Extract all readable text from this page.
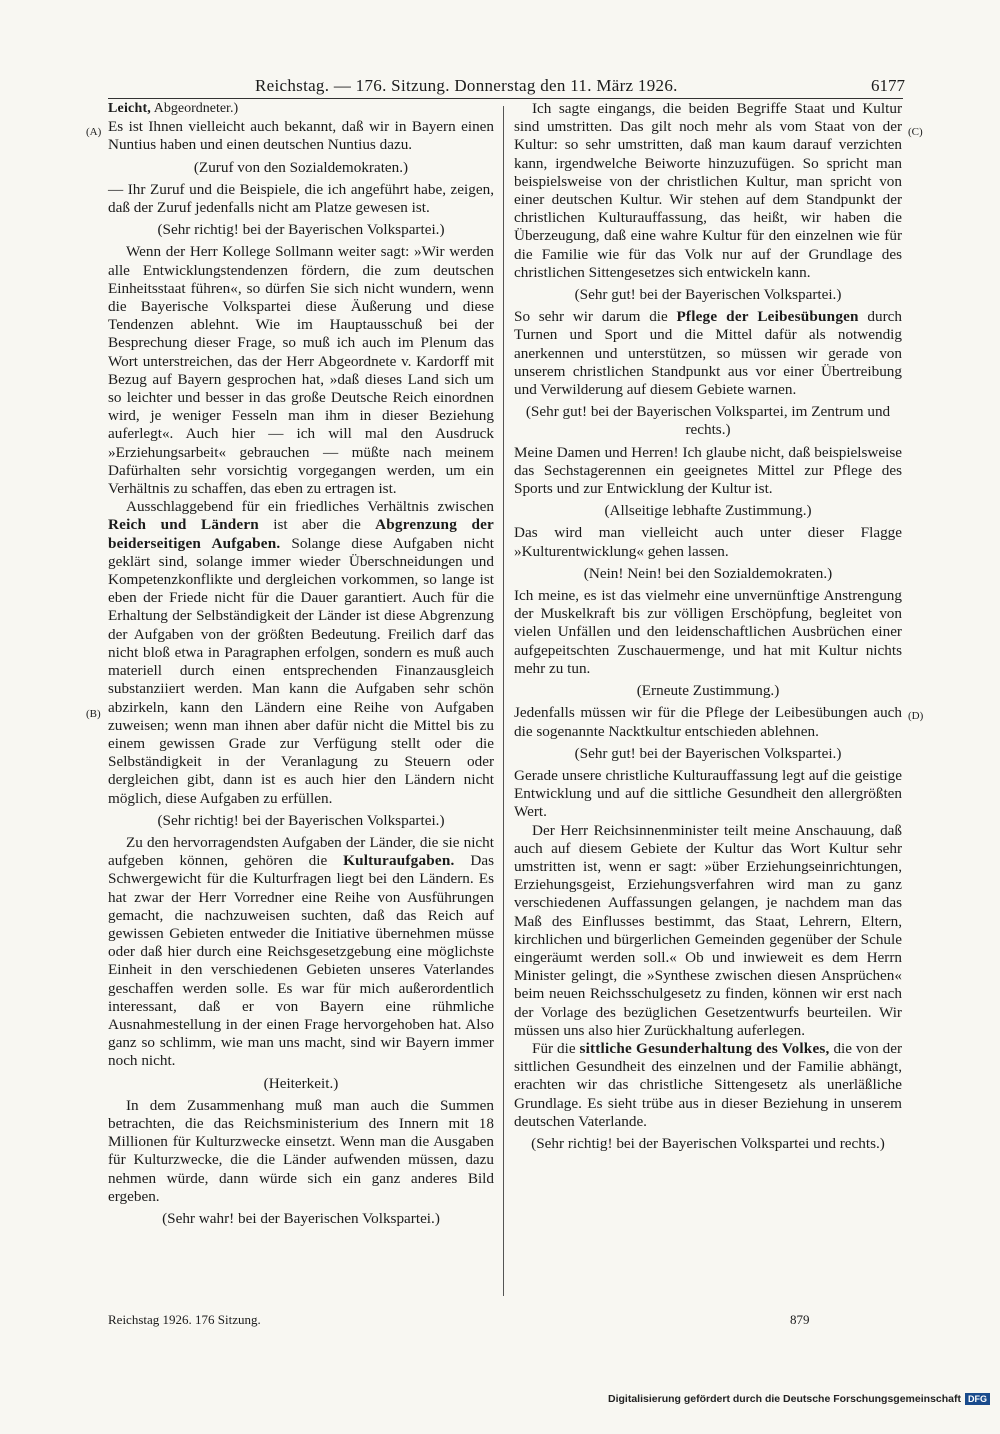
Reichstag. — 176. Sitzung. Donnerstag den 11. März 1926.	6177
(A)
(B)
(C)
(D)

Leicht, Abgeordneter.)

Es ist Ihnen vielleicht auch bekannt, daß wir in Bayern einen Nuntius haben und einen deutschen Nuntius dazu.

(Zuruf von den Sozialdemokraten.)

— Ihr Zuruf und die Beispiele, die ich angeführt habe, zeigen, daß der Zuruf jedenfalls nicht am Platze gewesen ist.

(Sehr richtig! bei der Bayerischen Volkspartei.)

Wenn der Herr Kollege Sollmann weiter sagt: »Wir werden alle Entwicklungstendenzen fördern, die zum deutschen Einheitsstaat führen«, so dürfen Sie sich nicht wundern, wenn die Bayerische Volkspartei diese Äußerung und diese Tendenzen ablehnt. Wie im Hauptausschuß bei der Besprechung dieser Frage, so muß ich auch im Plenum das Wort unterstreichen, das der Herr Abgeordnete v. Kardorff mit Bezug auf Bayern gesprochen hat, »daß dieses Land sich um so leichter und besser in das große Deutsche Reich einordnen wird, je weniger Fesseln man ihm in dieser Beziehung auferlegt«. Auch hier — ich will mal den Ausdruck »Erziehungsarbeit« gebrauchen — müßte nach meinem Dafürhalten sehr vorsichtig vorgegangen werden, um ein Verhältnis zu schaffen, das eben zu ertragen ist.

Ausschlaggebend für ein friedliches Verhältnis zwischen Reich und Ländern ist aber die Abgrenzung der beiderseitigen Aufgaben. Solange diese Aufgaben nicht geklärt sind, solange immer wieder Überschneidungen und Kompetenzkonflikte und dergleichen vorkommen, so lange ist eben der Friede nicht für die Dauer garantiert. Auch für die Erhaltung der Selbständigkeit der Länder ist diese Abgrenzung der Aufgaben von der größten Bedeutung. Freilich darf das nicht bloß etwa in Paragraphen erfolgen, sondern es muß auch materiell durch einen entsprechenden Finanzausgleich substanziiert werden. Man kann die Aufgaben sehr schön abzirkeln, kann den Ländern eine Reihe von Aufgaben zuweisen; wenn man ihnen aber dafür nicht die Mittel bis zu einem gewissen Grade zur Verfügung stellt oder die Selbständigkeit in der Veranlagung zu Steuern oder dergleichen gibt, dann ist es auch hier den Ländern nicht möglich, diese Aufgaben zu erfüllen.

(Sehr richtig! bei der Bayerischen Volkspartei.)

Zu den hervorragendsten Aufgaben der Länder, die sie nicht aufgeben können, gehören die Kulturaufgaben. Das Schwergewicht für die Kulturfragen liegt bei den Ländern. Es hat zwar der Herr Vorredner eine Reihe von Ausführungen gemacht, die nachzuweisen suchten, daß das Reich auf gewissen Gebieten entweder die Initiative übernehmen müsse oder daß hier durch eine Reichsgesetzgebung eine möglichste Einheit in den verschiedenen Gebieten unseres Vaterlandes geschaffen werden solle. Es war für mich außerordentlich interessant, daß er von Bayern eine rühmliche Ausnahmestellung in der einen Frage hervorgehoben hat. Also ganz so schlimm, wie man uns macht, sind wir Bayern immer noch nicht.

(Heiterkeit.)

In dem Zusammenhang muß man auch die Summen betrachten, die das Reichsministerium des Innern mit 18 Millionen für Kulturzwecke einsetzt. Wenn man die Ausgaben für Kulturzwecke, die die Länder aufwenden müssen, dazu nehmen würde, dann würde sich ein ganz anderes Bild ergeben.

(Sehr wahr! bei der Bayerischen Volkspartei.)

Ich sagte eingangs, die beiden Begriffe Staat und Kultur sind umstritten. Das gilt noch mehr als vom Staat von der Kultur: so sehr umstritten, daß man kaum darauf verzichten kann, irgendwelche Beiworte hinzuzufügen. So spricht man beispielsweise von der christlichen Kultur, man spricht von einer deutschen Kultur. Wir stehen auf dem Standpunkt der christlichen Kulturauffassung, das heißt, wir haben die Überzeugung, daß eine wahre Kultur für den einzelnen wie für die Familie wie für das Volk nur auf der Grundlage des christlichen Sittengesetzes sich entwickeln kann.

(Sehr gut! bei der Bayerischen Volkspartei.)

So sehr wir darum die Pflege der Leibesübungen durch Turnen und Sport und die Mittel dafür als notwendig anerkennen und unterstützen, so müssen wir gerade von unserem christlichen Standpunkt aus vor einer Übertreibung und Verwilderung auf diesem Gebiete warnen.

(Sehr gut! bei der Bayerischen Volkspartei, im Zentrum und rechts.)

Meine Damen und Herren! Ich glaube nicht, daß beispielsweise das Sechstagerennen ein geeignetes Mittel zur Pflege des Sports und zur Entwicklung der Kultur ist.

(Allseitige lebhafte Zustimmung.)

Das wird man vielleicht auch unter dieser Flagge »Kulturentwicklung« gehen lassen.

(Nein! Nein! bei den Sozialdemokraten.)

Ich meine, es ist das vielmehr eine unvernünftige Anstrengung der Muskelkraft bis zur völligen Erschöpfung, begleitet von vielen Unfällen und den leidenschaftlichen Ausbrüchen einer aufgepeitschten Zuschauermenge, und hat mit Kultur nichts mehr zu tun.

(Erneute Zustimmung.)

Jedenfalls müssen wir für die Pflege der Leibesübungen auch die sogenannte Nacktkultur entschieden ablehnen.

(Sehr gut! bei der Bayerischen Volkspartei.)

Gerade unsere christliche Kulturauffassung legt auf die geistige Entwicklung und auf die sittliche Gesundheit den allergrößten Wert.

Der Herr Reichsinnenminister teilt meine Anschauung, daß auch auf diesem Gebiete der Kultur das Wort Kultur sehr umstritten ist, wenn er sagt: »über Erziehungseinrichtungen, Erziehungsgeist, Erziehungsverfahren wird man zu ganz verschiedenen Auffassungen gelangen, je nachdem man das Maß des Einflusses bestimmt, das Staat, Lehrern, Eltern, kirchlichen und bürgerlichen Gemeinden gegenüber der Schule eingeräumt werden soll.« Ob und inwieweit es dem Herrn Minister gelingt, die »Synthese zwischen diesen Ansprüchen« beim neuen Reichsschulgesetz zu finden, können wir erst nach der Vorlage des bezüglichen Gesetzentwurfs beurteilen. Wir müssen uns also hier Zurückhaltung auferlegen.

Für die sittliche Gesunderhaltung des Volkes, die von der sittlichen Gesundheit des einzelnen und der Familie abhängt, erachten wir das christliche Sittengesetz als unerläßliche Grundlage. Es sieht trübe aus in dieser Beziehung in unserem deutschen Vaterlande.

(Sehr richtig! bei der Bayerischen Volkspartei und rechts.)

Reichstag 1926. 176 Sitzung.	879
Digitalisierung gefördert durch die Deutsche Forschungsgemeinschaft DFG
